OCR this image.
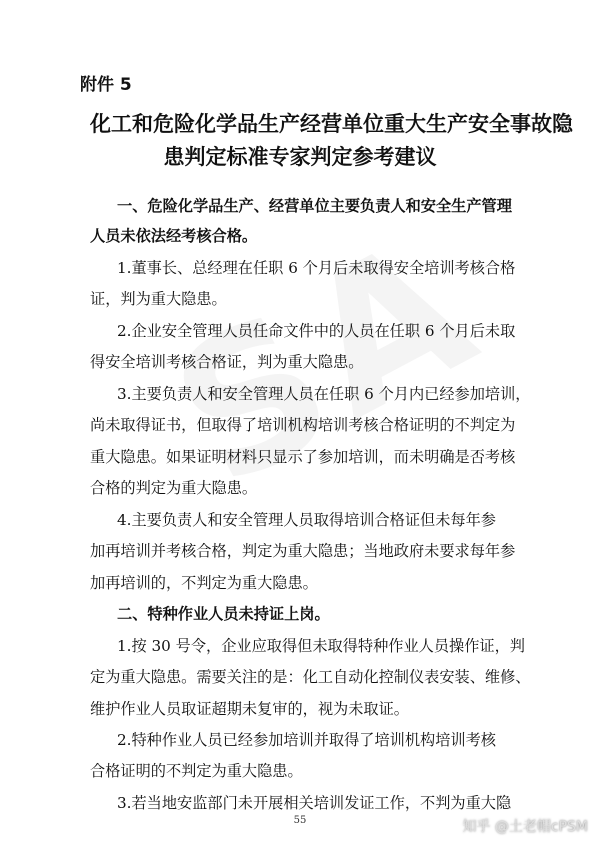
附件 5
化工和危险化学品生产经营单位重大生产安全事故隐
患判定标准专家判定参考建议
一、危险化学品生产、经营单位主要负责人和安全生产管理
人员未依法经考核合格。
1.董事长、总经理在任职 6 个月后未取得安全培训考核合格
证，判为重大隐患。
2.企业安全管理人员任命文件中的人员在任职 6 个月后未取
得安全培训考核合格证，判为重大隐患。
3.主要负责人和安全管理人员在任职 6 个月内已经参加培训，
尚未取得证书，但取得了培训机构培训考核合格证明的不判定为
重大隐患。如果证明材料只显示了参加培训，而未明确是否考核
合格的判定为重大隐患。
4.主要负责人和安全管理人员取得培训合格证但未每年参
加再培训并考核合格，判定为重大隐患；当地政府未要求每年参
加再培训的，不判定为重大隐患。
二、特种作业人员未持证上岗。
1.按 30 号令，企业应取得但未取得特种作业人员操作证，判
定为重大隐患。需要关注的是：化工自动化控制仪表安装、维修、
维护作业人员取证超期未复审的，视为未取证。
2.特种作业人员已经参加培训并取得了培训机构培训考核
合格证明的不判定为重大隐患。
3.若当地安监部门未开展相关培训发证工作，不判为重大隐
55	知乎 @土老帽cPSM
